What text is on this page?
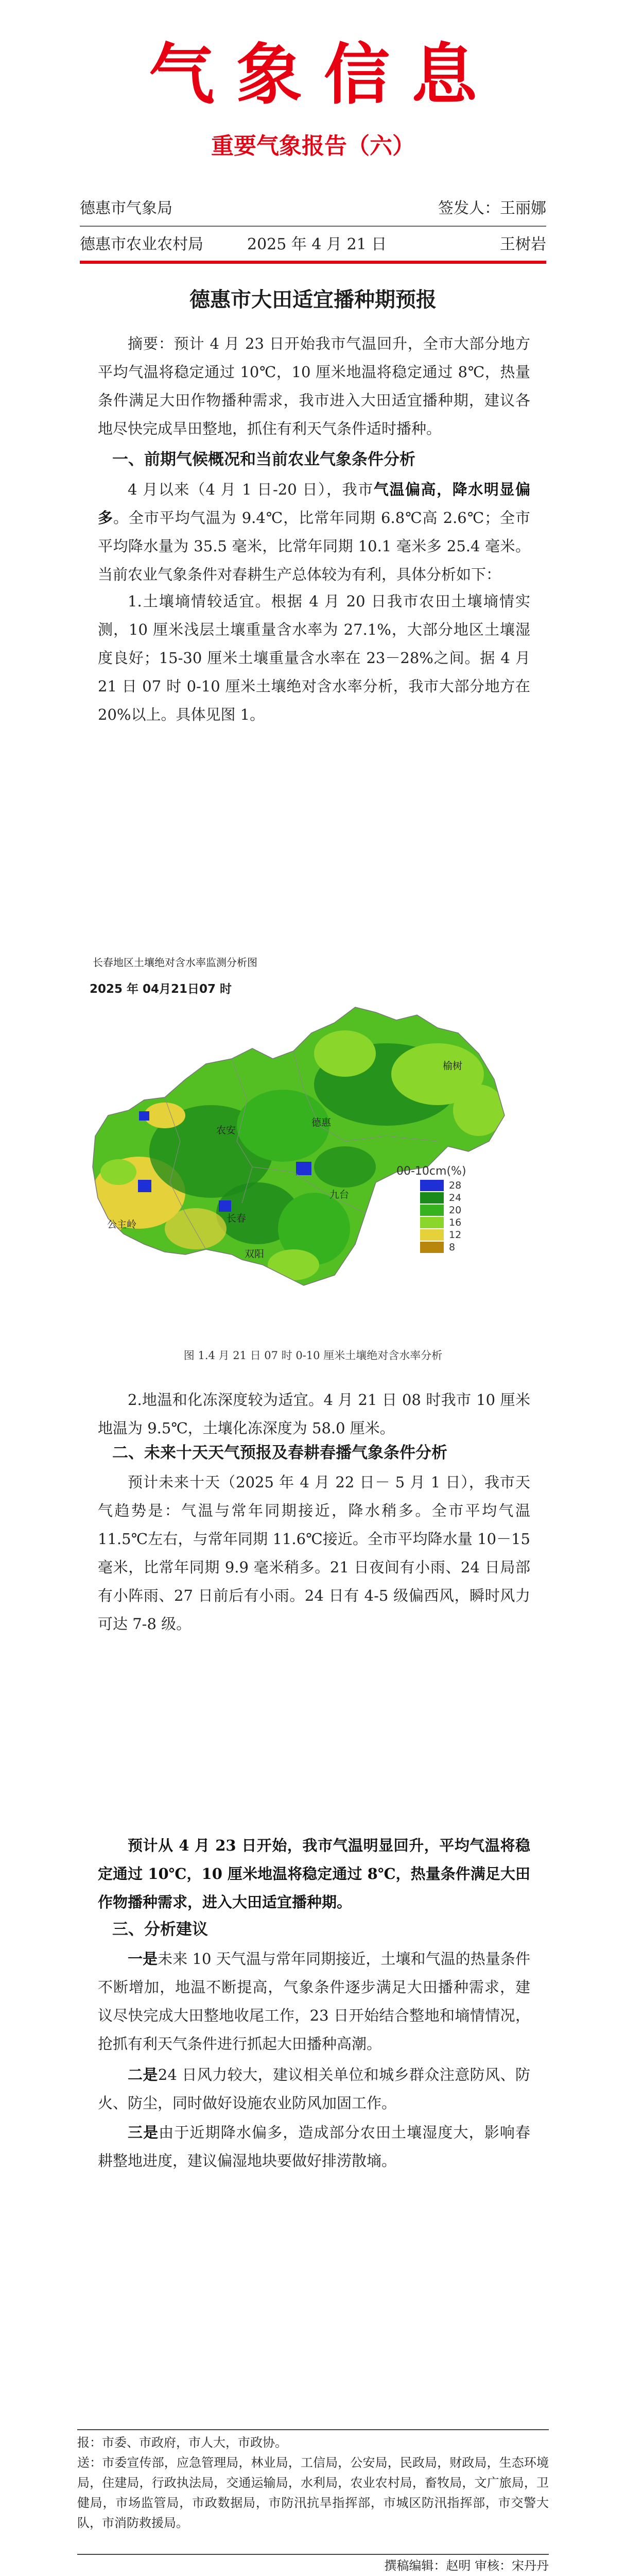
气象信息
重要气象报告（六）
德惠市气象局	签发人：王丽娜
德惠市农业农村局	2025 年 4 月 21 日	王树岩
德惠市大田适宜播种期预报
摘要：预计 4 月 23 日开始我市气温回升，全市大部分地方平均气温将稳定通过 10℃，10 厘米地温将稳定通过 8℃，热量条件满足大田作物播种需求，我市进入大田适宜播种期，建议各地尽快完成旱田整地，抓住有利天气条件适时播种。
一、前期气候概况和当前农业气象条件分析
4 月以来（4 月 1 日-20 日），我市气温偏高，降水明显偏多。全市平均气温为 9.4℃，比常年同期 6.8℃高 2.6℃；全市平均降水量为 35.5 毫米，比常年同期 10.1 毫米多 25.4 毫米。当前农业气象条件对春耕生产总体较为有利，具体分析如下：
1.土壤墒情较适宜。根据 4 月 20 日我市农田土壤墒情实测，10 厘米浅层土壤重量含水率为 27.1%，大部分地区土壤湿度良好；15-30 厘米土壤重量含水率在 23－28%之间。据 4 月 21 日 07 时 0-10 厘米土壤绝对含水率分析，我市大部分地方在 20%以上。具体见图 1。
长春地区土壤绝对含水率监测分析图
2025 年 04月21日07 时
榆树
农安
德惠
公主岭
长春
双阳
九台
00-10cm(%)
28
24
20
16
12
8
图 1.4 月 21 日 07 时 0-10 厘米土壤绝对含水率分析
2.地温和化冻深度较为适宜。4 月 21 日 08 时我市 10 厘米地温为 9.5℃，土壤化冻深度为 58.0 厘米。
二、未来十天天气预报及春耕春播气象条件分析
预计未来十天（2025 年 4 月 22 日－ 5 月 1 日），我市天气趋势是：气温与常年同期接近，降水稍多。全市平均气温 11.5℃左右，与常年同期 11.6℃接近。全市平均降水量 10－15 毫米，比常年同期 9.9 毫米稍多。21 日夜间有小雨、24 日局部有小阵雨、27 日前后有小雨。24 日有 4-5 级偏西风，瞬时风力可达 7-8 级。
预计从 4 月 23 日开始，我市气温明显回升，平均气温将稳定通过 10℃，10 厘米地温将稳定通过 8℃，热量条件满足大田作物播种需求，进入大田适宜播种期。
三、分析建议
一是未来 10 天气温与常年同期接近，土壤和气温的热量条件不断增加，地温不断提高，气象条件逐步满足大田播种需求，建议尽快完成大田整地收尾工作，23 日开始结合整地和墒情情况，抢抓有利天气条件进行抓起大田播种高潮。
二是24 日风力较大，建议相关单位和城乡群众注意防风、防火、防尘，同时做好设施农业防风加固工作。
三是由于近期降水偏多，造成部分农田土壤湿度大，影响春耕整地进度，建议偏湿地块要做好排涝散墒。
报：市委、市政府，市人大，市政协。
送：市委宣传部，应急管理局，林业局，工信局，公安局，民政局，财政局，生态环境局，住建局，行政执法局，交通运输局，水利局，农业农村局，畜牧局，文广旅局，卫健局，市场监管局，市政数据局，市防汛抗旱指挥部，市城区防汛指挥部，市交警大队，市消防救援局。
撰稿编辑：赵明 审核：宋丹丹
